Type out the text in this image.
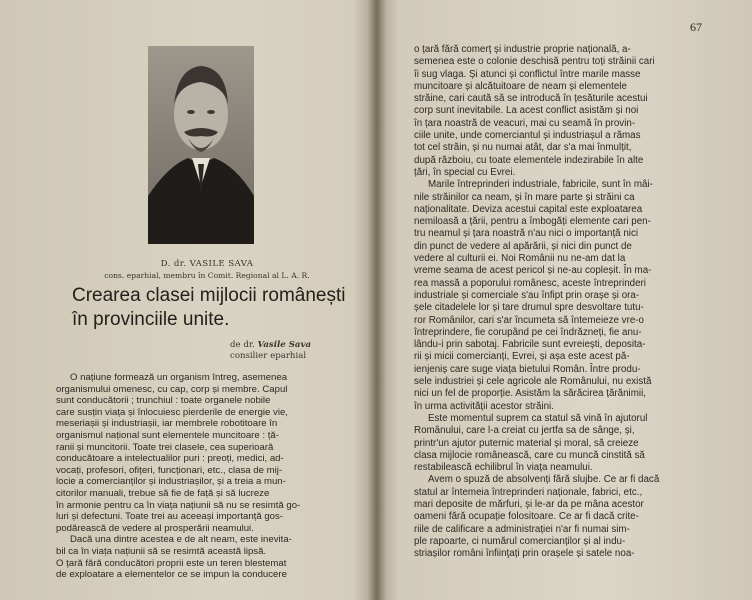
D. dr. VASILE SAVA
cons. eparhial, membru în Comit. Regional al L. A. R.
Crearea clasei mijlocii românești
în provinciile unite.
de dr. Vasile Sava
consilier eparhial
O națiune formează un organism întreg, asemenea
organismului omenesc, cu cap, corp și membre. Capul
sunt conducătorii ; trunchiul : toate organele nobile
care susțin viața și înlocuiesc pierderile de energie vie,
meseriașii și industriașii, iar membrele robotitoare în
organismul național sunt elementele muncitoare : ță-
ranii și muncitorii. Toate trei clasele, cea superioară
conducătoare a intelectualilor puri : preoți, medici, ad-
vocați, profesori, ofițeri, funcționari, etc., clasa de mij-
locie a comercianților și industriașilor, și a treia a mun-
citorilor manuali, trebue să fie de față și să lucreze
în armonie pentru ca în viața națiunii să nu se resimtă go-
luri și defectuni. Toate trei au aceeași importanță gos-
podărească de vedere al prosperării neamului.
Dacă una dintre acestea e de alt neam, este inevita-
bil ca în viața națiunii să se resimtă această lipsă.
O țară fără conducători proprii este un teren blestemat
de exploatare a elementelor ce se impun la conducere
67
o țară fără comerț și industrie proprie națională, a-
semenea este o colonie deschisă pentru toți străinii cari
îi sug vlaga. Și atunci și conflictul între marile masse
muncitoare și alcătuitoare de neam și elementele
străine, cari caută să se introducă în țesăturile acestui
corp sunt inevitabile. La acest conflict asistăm și noi
în țara noastră de veacuri, mai cu seamă în provin-
ciile unite, unde comerciantul și industriașul a rămas
tot cel străin, și nu numai atât, dar s'a mai înmulțit,
după războiu, cu toate elementele indezirabile în alte
țări, în special cu Evrei.
Marile întreprinderi industriale, fabricile, sunt în mâi-
nile străinilor ca neam, și în mare parte și străini ca
naționalitate. Deviza acestui capital este exploatarea
nemiloasă a țării, pentru a îmbogăți elemente cari pen-
tru neamul și țara noastră n'au nici o importanță nici
din punct de vedere al apărării, și nici din punct de
vedere al culturii ei. Noi Românii nu ne-am dat la
vreme seama de acest pericol și ne-au copleșit. În ma-
rea massă a poporului românesc, aceste întreprinderi
industriale și comerciale s'au înfipt prin orașe și ora-
șele citadelele lor și tare drumul spre desvoltare tutu-
ror Românilor, cari s'ar încumeta să întemeieze vre-o
întreprindere, fie corupând pe cei îndrăzneți, fie anu-
lându-i prin sabotaj. Fabricile sunt evreiești, deposita-
rii și micii comercianți, Evrei, și așa este acest pă-
ienjeniș care suge viața bietului Român. Între produ-
sele industriei și cele agricole ale Românului, nu există
nici un fel de proporție. Asistăm la sărăcirea țărănimii,
în urma activității acestor străini.
Este momentul suprem ca statul să vină în ajutorul
Românului, care l-a creiat cu jertfa sa de sânge, și,
printr'un ajutor puternic material și moral, să creieze
clasa mijlocie românească, care cu muncă cinstită să
restabilească echilibrul în viața neamului.
Avem o spuză de absolvenți fără slujbe. Ce ar fi dacă
statul ar întemeia întreprinderi naționale, fabrici, etc.,
mari deposite de mărfuri, și le-ar da pe mâna acestor
oameni fără ocupație folositoare. Ce ar fi dacă crite-
riile de calificare a administrației n'ar fi numai sim-
ple rapoarte, ci numărul comercianților și al indu-
striașilor români înfiinţați prin orașele și satele noa-
